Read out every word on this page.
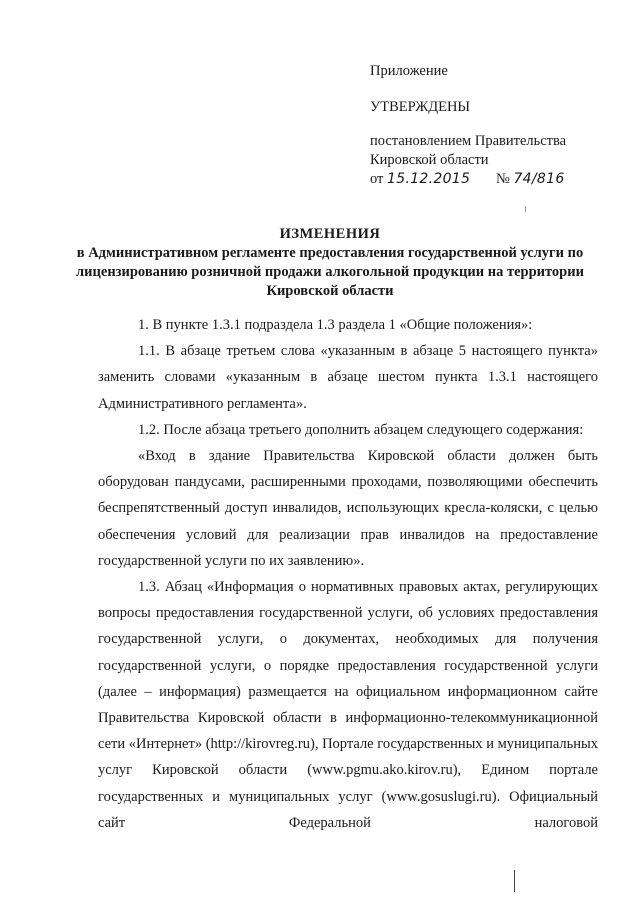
Приложение
УТВЕРЖДЕНЫ
постановлением Правительства
Кировской области
от 15.12.2015 № 74/816
ИЗМЕНЕНИЯ
в Административном регламенте предоставления государственной услуги по лицензированию розничной продажи алкогольной продукции на территории Кировской области

1. В пункте 1.3.1 подраздела 1.3 раздела 1 «Общие положения»:

1.1. В абзаце третьем слова «указанным в абзаце 5 настоящего пункта» заменить словами «указанным в абзаце шестом пункта 1.3.1 настоящего Административного регламента».

1.2. После абзаца третьего дополнить абзацем следующего содержания:

«Вход в здание Правительства Кировской области должен быть оборудован пандусами, расширенными проходами, позволяющими обеспечить беспрепятственный доступ инвалидов, использующих кресла-коляски, с целью обеспечения условий для реализации прав инвалидов на предоставление государственной услуги по их заявлению».

1.3. Абзац «Информация о нормативных правовых актах, регулирующих вопросы предоставления государственной услуги, об условиях предоставления государственной услуги, о документах, необходимых для получения государственной услуги, о порядке предоставления государственной услуги (далее – информация) размещается на официальном информационном сайте Правительства Кировской области в информационно-телекоммуникационной сети «Интернет» (http://kirovreg.ru), Портале государственных и муниципальных услуг Кировской области (www.pgmu.ako.kirov.ru), Едином портале государственных и муниципальных услуг (www.gosuslugi.ru). Официальный сайт Федеральной налоговой
